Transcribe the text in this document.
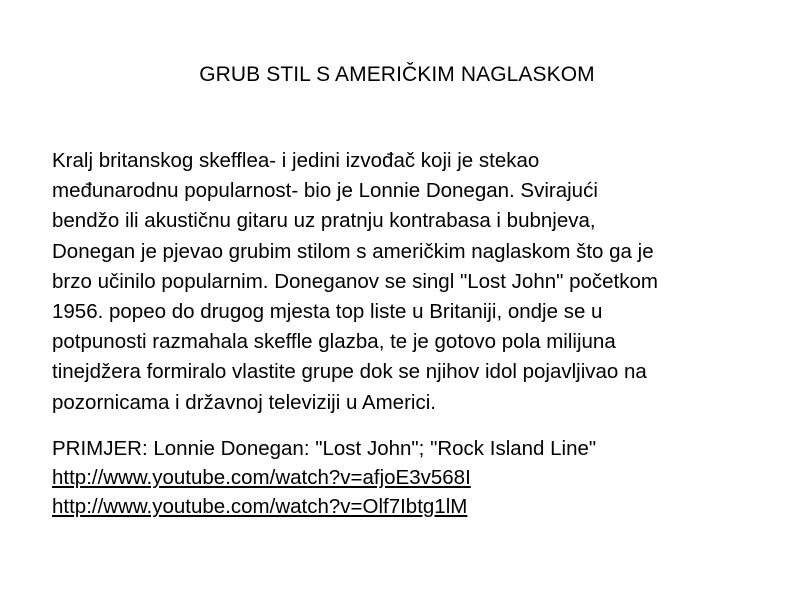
GRUB STIL S AMERIČKIM NAGLASKOM

Kralj britanskog skefflea- i jedini izvođač koji je stekao
međunarodnu popularnost- bio je Lonnie Donegan. Svirajući
bendžo ili akustičnu gitaru uz pratnju kontrabasa i bubnjeva,
Donegan je pjevao grubim stilom s američkim naglaskom što ga je
brzo učinilo popularnim. Doneganov se singl "Lost John" početkom
1956. popeo do drugog mjesta top liste u Britaniji, ondje se u
potpunosti razmahala skeffle glazba, te je gotovo pola milijuna
tinejdžera formiralo vlastite grupe dok se njihov idol pojavljivao na
pozornicama i državnoj televiziji u Americi.

PRIMJER: Lonnie Donegan: "Lost John"; "Rock Island Line"
http://www.youtube.com/watch?v=afjoE3v568I
http://www.youtube.com/watch?v=Olf7Ibtg1lM
